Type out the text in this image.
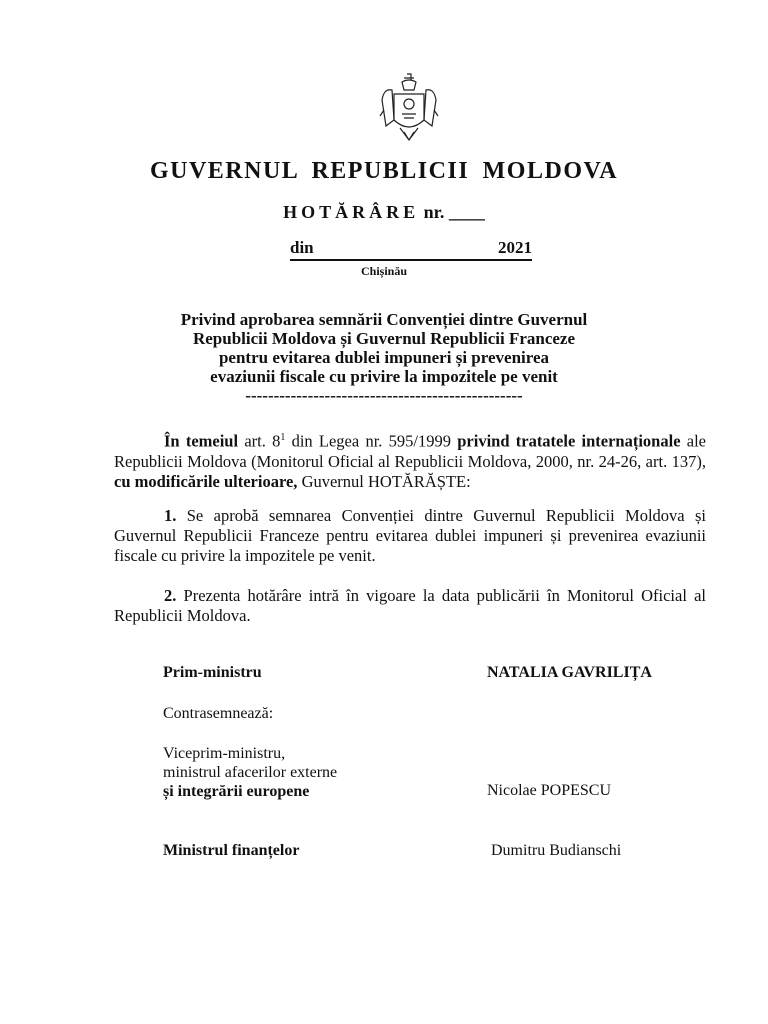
GUVERNUL REPUBLICII MOLDOVA
HOTĂRÂRE nr. ____
din	2021
Chișinău
Privind aprobarea semnării Convenției dintre Guvernul
Republicii Moldova și Guvernul Republicii Franceze
pentru evitarea dublei impuneri și prevenirea
evaziunii fiscale cu privire la impozitele pe venit
-------------------------------------------------
În temeiul art. $8^1$ din Legea nr. 595/1999 privind tratatele internaționale ale Republicii Moldova (Monitorul Oficial al Republicii Moldova, 2000, nr. 24-26, art. 137), cu modificările ulterioare, Guvernul HOTĂRĂȘTE:
1. Se aprobă semnarea Convenției dintre Guvernul Republicii Moldova și Guvernul Republicii Franceze pentru evitarea dublei impuneri și prevenirea evaziunii fiscale cu privire la impozitele pe venit.
2. Prezenta hotărâre intră în vigoare la data publicării în Monitorul Oficial al Republicii Moldova.
Prim-ministru	NATALIA GAVRILIȚA
Contrasemnează:
Viceprim-ministru,
ministrul afacerilor externe
și integrării europene	Nicolae POPESCU
Ministrul finanțelor	Dumitru Budianschi
